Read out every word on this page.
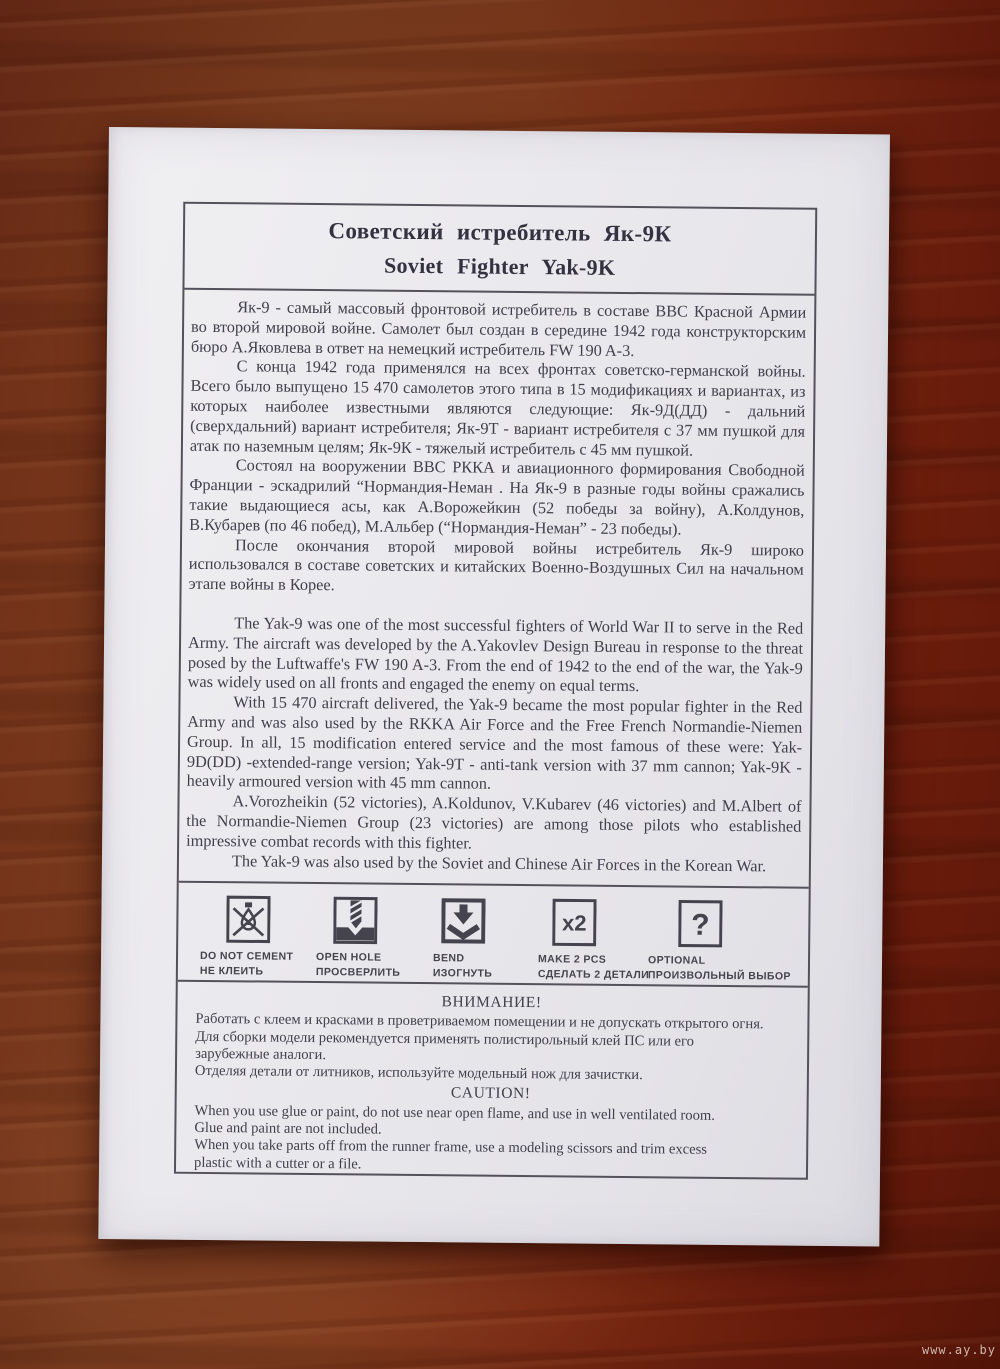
Советский истребитель Як-9К
Soviet Fighter Yak-9K

Як-9 - самый массовый фронтовой истребитель в составе ВВС Красной Армии во второй мировой войне. Самолет был создан в середине 1942 года конструкторским бюро А.Яковлева в ответ на немецкий истребитель FW 190 A-3.

С конца 1942 года применялся на всех фронтах советско-германской войны. Всего было выпущено 15 470 самолетов этого типа в 15 модификациях и вариантах, из которых наиболее известными являются следующие: Як-9Д(ДД) - дальний (сверхдальний) вариант истребителя; Як-9Т - вариант истребителя с 37 мм пушкой для атак по наземным целям; Як-9К - тяжелый истребитель с 45 мм пушкой.

Состоял на вооружении ВВС РККА и авиационного формирования Свободной Франции - эскадрилий “Нормандия-Неман . На Як-9 в разные годы войны сражались такие выдающиеся асы, как А.Ворожейкин (52 победы за войну), А.Колдунов, В.Кубарев (по 46 побед), М.Альбер (“Нормандия-Неман” - 23 победы).

После окончания второй мировой войны истребитель Як-9 широко использовался в составе советских и китайских Военно-Воздушных Сил на начальном этапе войны в Корее.

The Yak-9 was one of the most successful fighters of World War II to serve in the Red Army. The aircraft was developed by the A.Yakovlev Design Bureau in response to the threat posed by the Luftwaffe's FW 190 A-3. From the end of 1942 to the end of the war, the Yak-9 was widely used on all fronts and engaged the enemy on equal terms.

With 15 470 aircraft delivered, the Yak-9 became the most popular fighter in the Red Army and was also used by the RKKA Air Force and the Free French Normandie-Niemen Group. In all, 15 modification entered service and the most famous of these were: Yak-9D(DD) -extended-range version; Yak-9T - anti-tank version with 37 mm cannon; Yak-9K - heavily armoured version with 45 mm cannon.

A.Vorozheikin (52 victories), A.Koldunov, V.Kubarev (46 victories) and M.Albert of the Normandie-Niemen Group (23 victories) are among those pilots who established impressive combat records with this fighter.

The Yak-9 was also used by the Soviet and Chinese Air Forces in the Korean War.

DO NOT CEMENT
НЕ КЛЕИТЬ
OPEN HOLE
ПРОСВЕРЛИТЬ
BEND
ИЗОГНУТЬ
x2
MAKE 2 PCS
СДЕЛАТЬ 2 ДЕТАЛИ
?
OPTIONAL
ПРОИЗВОЛЬНЫЙ ВЫБОР
ВНИМАНИЕ!

Работать с клеем и красками в проветриваемом помещении и не допускать открытого огня.

Для сборки модели рекомендуется применять полистирольный клей ПС или его

зарубежные аналоги.

Отделяя детали от литников, используйте модельный нож для зачистки.

CAUTION!

When you use glue or paint, do not use near open flame, and use in well ventilated room.

Glue and paint are not included.

When you take parts off from the runner frame, use a modeling scissors and trim excess

plastic with a cutter or a file.

www.ay.by
